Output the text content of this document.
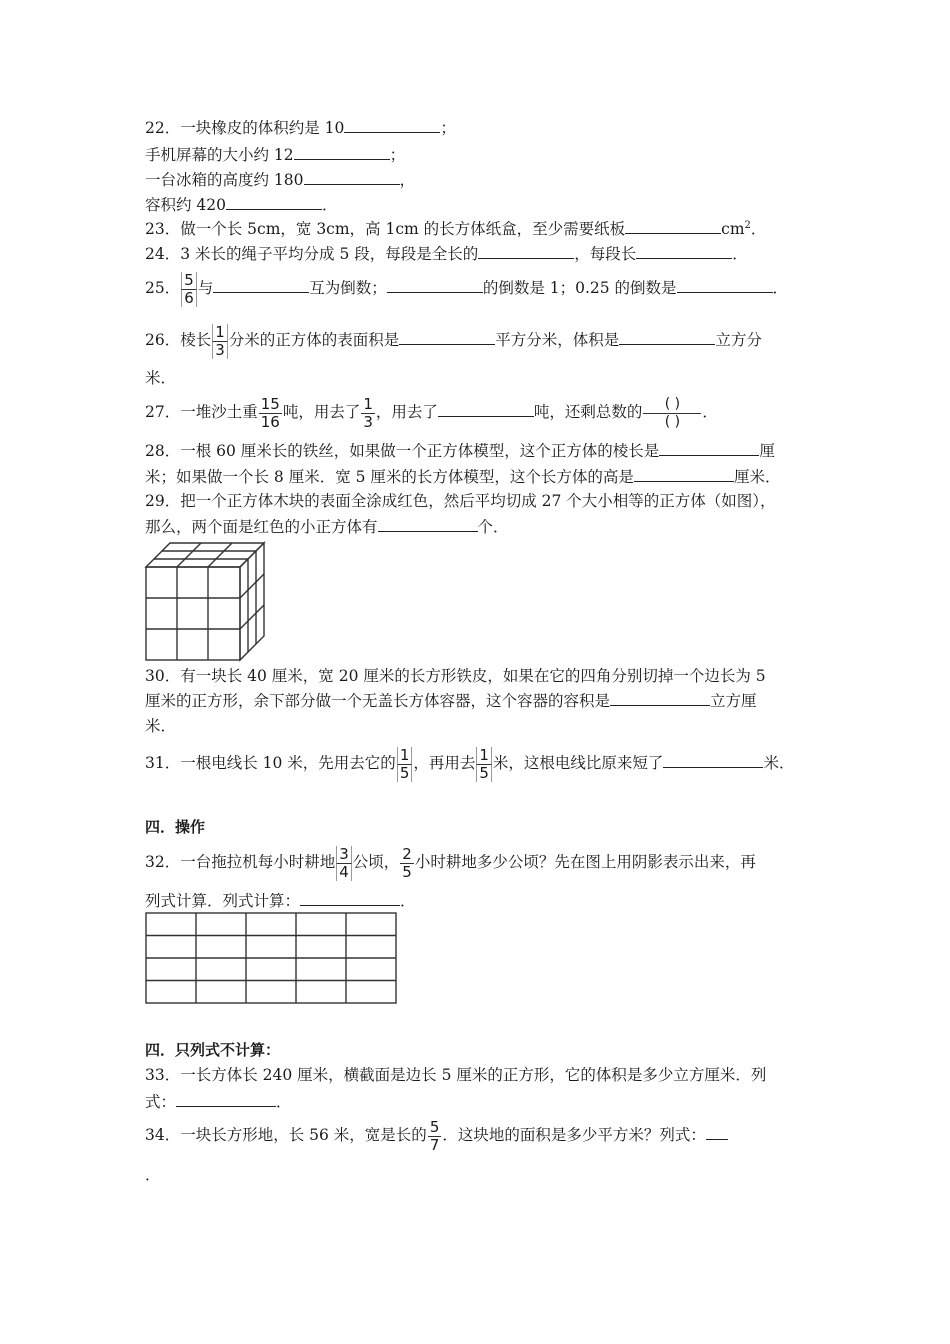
22．一块橡皮的体积约是 10	；
手机屏幕的大小约 12	；
一台冰箱的高度约 180	，
容积约 420	．
23．做一个长 5cm，宽 3cm，高 1cm 的长方体纸盒，至少需要纸板	$cm^2$．
24．3 米长的绳子平均分成 5 段，每段是全长的	，每段长	．
25． $\frac{5}{6}$ 与	互为倒数；	的倒数是 1；0.25 的倒数是	．
26．棱长 $\frac{1}{3}$ 分米的正方体的表面积是	平方分米，体积是	立方分
米．
27．一堆沙土重 $\frac{15}{16}$ 吨，用去了 $\frac{1}{3}$ ，用去了	吨，还剩总数的 $\frac{( )}{( )}$ ．
28．一根 60 厘米长的铁丝，如果做一个正方体模型，这个正方体的棱长是	厘
米；如果做一个长 8 厘米．宽 5 厘米的长方体模型，这个长方体的高是	厘米．
29．把一个正方体木块的表面全涂成红色，然后平均切成 27 个大小相等的正方体（如图），
那么，两个面是红色的小正方体有	个．
30．有一块长 40 厘米，宽 20 厘米的长方形铁皮，如果在它的四角分别切掉一个边长为 5
厘米的正方形，余下部分做一个无盖长方体容器，这个容器的容积是	立方厘
米．
31．一根电线长 10 米，先用去它的 $\frac{1}{5}$ ，再用去 $\frac{1}{5}$ 米，这根电线比原来短了	米．
四．操作
32．一台拖拉机每小时耕地 $\frac{3}{4}$ 公顷， $\frac{2}{5}$ 小时耕地多少公顷？先在图上用阴影表示出来，再
列式计算．列式计算：	．
四．只列式不计算：
33．一长方体长 240 厘米，横截面是边长 5 厘米的正方形，它的体积是多少立方厘米．列
式：	．
34．一块长方形地，长 56 米，宽是长的 $\frac{5}{7}$ ．这块地的面积是多少平方米？列式：
．
